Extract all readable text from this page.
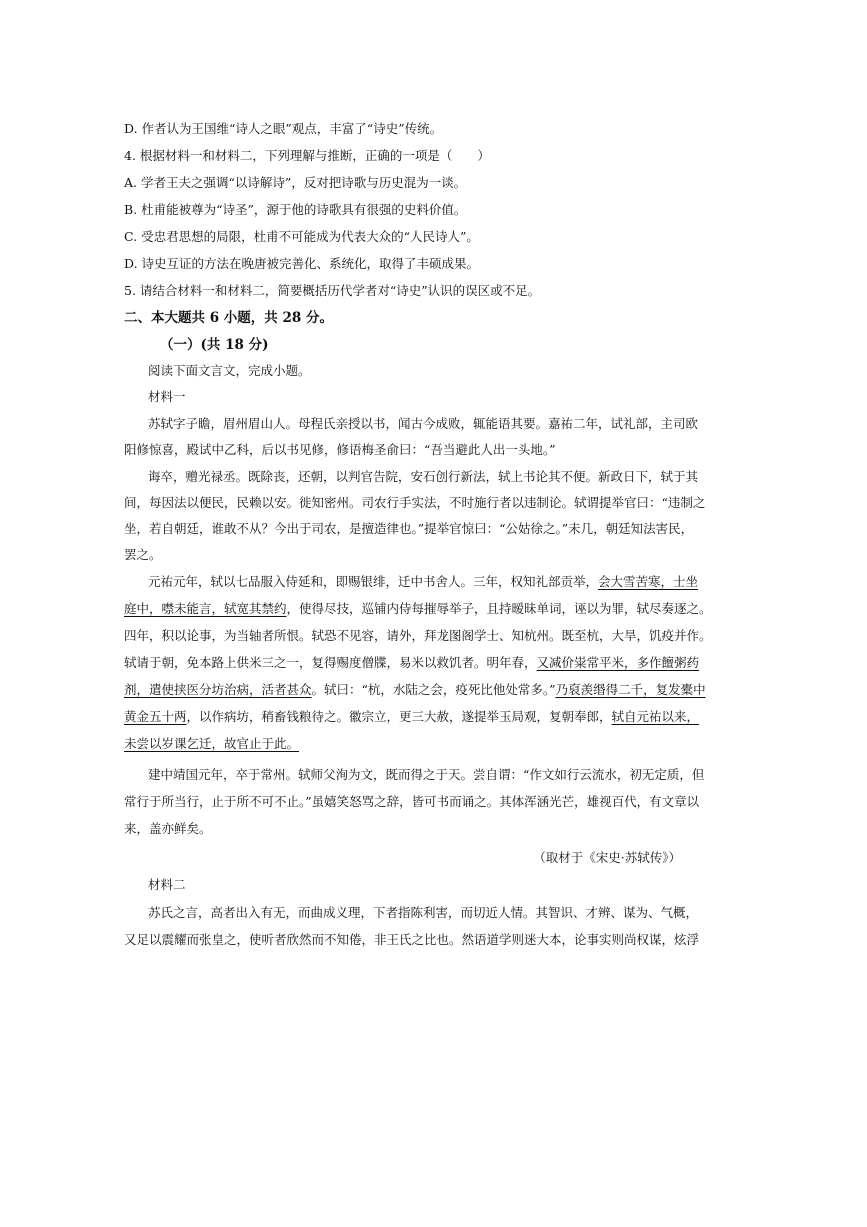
D. 作者认为王国维“诗人之眼”观点，丰富了“诗史”传统。
4. 根据材料一和材料二，下列理解与推断，正确的一项是（　　）
A. 学者王夫之强调“以诗解诗”，反对把诗歌与历史混为一谈。
B. 杜甫能被尊为“诗圣”，源于他的诗歌具有很强的史料价值。
C. 受忠君思想的局限，杜甫不可能成为代表大众的“人民诗人”。
D. 诗史互证的方法在晚唐被完善化、系统化，取得了丰硕成果。
5. 请结合材料一和材料二，简要概括历代学者对“诗史”认识的误区或不足。
二、本大题共 6 小题，共 28 分。
（一）(共 18 分)
阅读下面文言文，完成小题。
材料一
苏轼字子瞻，眉州眉山人。母程氏亲授以书，闻古今成败，辄能语其要。嘉祐二年，试礼部，主司欧
阳修惊喜，殿试中乙科，后以书见修，修语梅圣俞曰：“吾当避此人出一头地。”
诲卒，赠光禄丞。既除丧，还朝，以判官告院，安石创行新法，轼上书论其不便。新政日下，轼于其
间，每因法以便民，民赖以安。徙知密州。司农行手实法，不时施行者以违制论。轼谓提举官曰：“违制之
坐，若自朝廷，谁敢不从？今出于司农，是擅造律也。”提举官惊曰：“公姑徐之。”未几，朝廷知法害民，
罢之。
元祐元年，轼以七品服入侍延和，即赐银绯，迁中书舍人。三年，权知礼部贡举，会大雪苦寒，士坐
庭中，噤未能言，轼宽其禁约，使得尽技，巡铺内侍每摧辱举子，且持暧昧单词，诬以为罪，轼尽奏逐之。
四年，积以论事，为当轴者所恨。轼恐不见容，请外，拜龙图阁学士、知杭州。既至杭，大旱，饥疫并作。
轼请于朝，免本路上供米三之一，复得赐度僧牒，易米以救饥者。明年春，又减价粜常平米，多作饘粥药
剂，遣使挟医分坊治病，活者甚众。轼曰：“杭，水陆之会，疫死比他处常多。”乃裒羡缗得二千，复发橐中
黄金五十两，以作病坊，稍畜钱粮待之。徽宗立，更三大赦，遂提举玉局观，复朝奉郎，轼自元祐以来，
未尝以岁课乞迁，故官止于此。
建中靖国元年，卒于常州。轼师父洵为文，既而得之于天。尝自谓：“作文如行云流水，初无定质，但
常行于所当行，止于所不可不止。”虽嬉笑怒骂之辞，皆可书而诵之。其体浑涵光芒，雄视百代，有文章以
来，盖亦鲜矣。
（取材于《宋史·苏轼传》）
材料二
苏氏之言，高者出入有无，而曲成义理，下者指陈利害，而切近人情。其智识、才辨、谋为、气概，
又足以震耀而张皇之，使听者欣然而不知倦，非王氏之比也。然语道学则迷大本，论事实则尚权谋，炫浮
